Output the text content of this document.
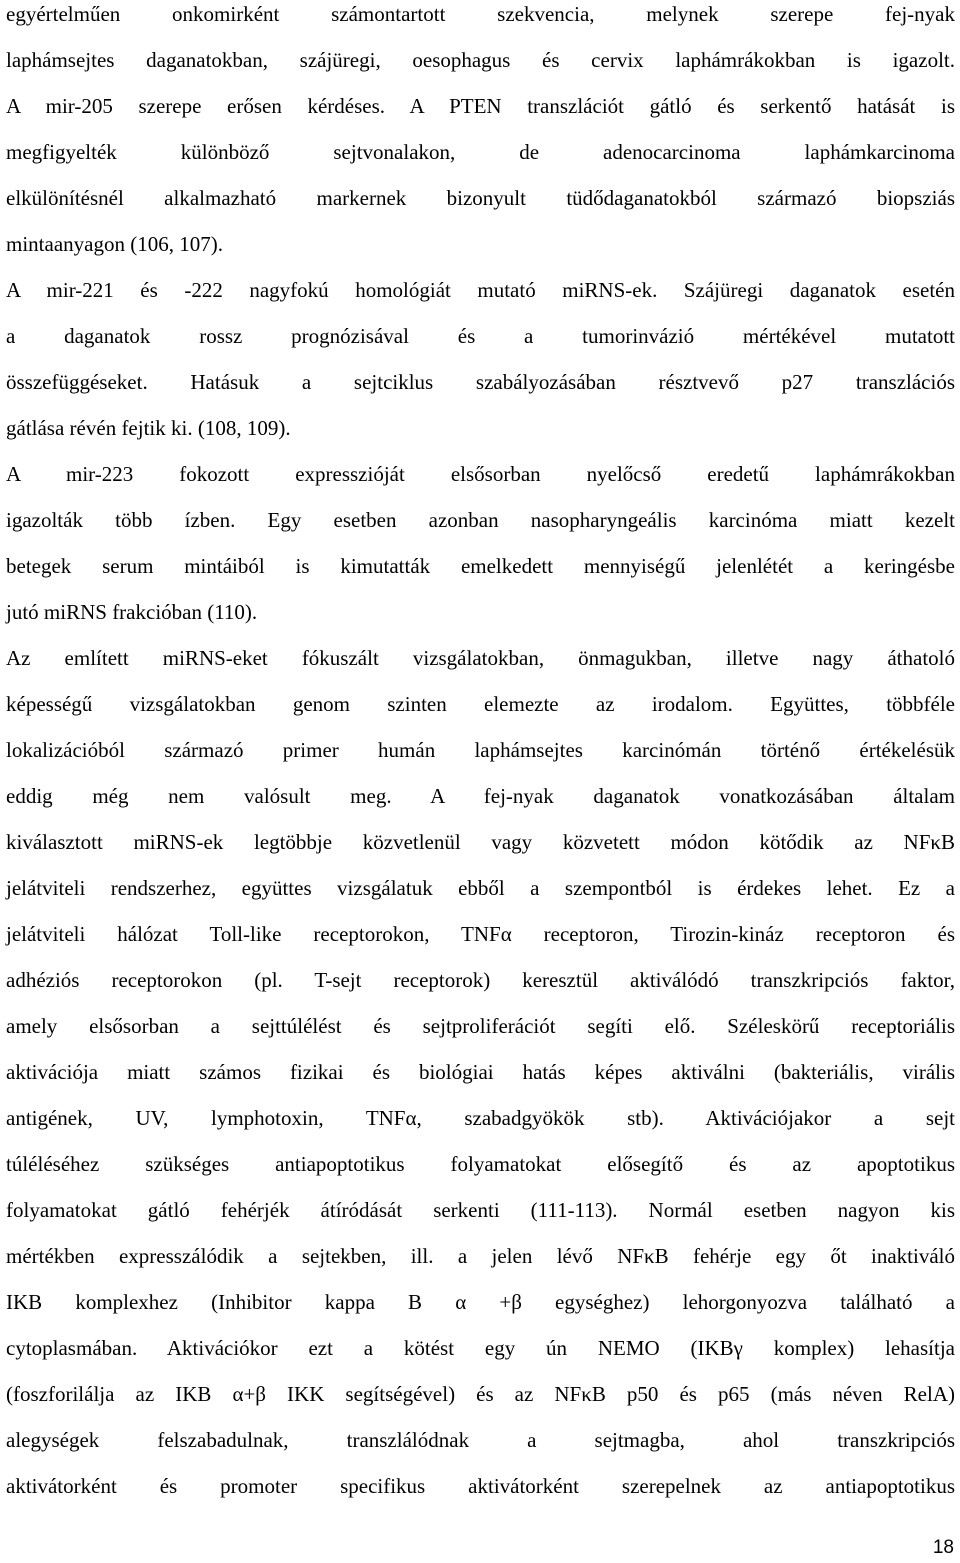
egyértelműen onkomirként számontartott szekvencia, melynek szerepe fej-nyak
laphámsejtes daganatokban, szájüregi, oesophagus és cervix laphámrákokban is igazolt.
A mir-205 szerepe erősen kérdéses. A PTEN transzlációt gátló és serkentő hatását is
megfigyelték különböző sejtvonalakon, de adenocarcinoma laphámkarcinoma
elkülönítésnél alkalmazható markernek bizonyult tüdődaganatokból származó biopsziás
mintaanyagon (106, 107).
A mir-221 és -222 nagyfokú homológiát mutató miRNS-ek. Szájüregi daganatok esetén
a daganatok rossz prognózisával és a tumorinvázió mértékével mutatott
összefüggéseket. Hatásuk a sejtciklus szabályozásában résztvevő p27 transzlációs
gátlása révén fejtik ki. (108, 109).
A mir-223 fokozott expresszióját elsősorban nyelőcső eredetű laphámrákokban
igazolták több ízben. Egy esetben azonban nasopharyngeális karcinóma miatt kezelt
betegek serum mintáiból is kimutatták emelkedett mennyiségű jelenlétét a keringésbe
jutó miRNS frakcióban (110).
Az említett miRNS-eket fókuszált vizsgálatokban, önmagukban, illetve nagy áthatoló
képességű vizsgálatokban genom szinten elemezte az irodalom. Együttes, többféle
lokalizációból származó primer humán laphámsejtes karcinómán történő értékelésük
eddig még nem valósult meg. A fej-nyak daganatok vonatkozásában általam
kiválasztott miRNS-ek legtöbbje közvetlenül vagy közvetett módon kötődik az NFκB
jelátviteli rendszerhez, együttes vizsgálatuk ebből a szempontból is érdekes lehet. Ez a
jelátviteli hálózat Toll-like receptorokon, TNFα receptoron, Tirozin-kináz receptoron és
adhéziós receptorokon (pl. T-sejt receptorok) keresztül aktiválódó transzkripciós faktor,
amely elsősorban a sejttúlélést és sejtproliferációt segíti elő. Széleskörű receptoriális
aktivációja miatt számos fizikai és biológiai hatás képes aktiválni (bakteriális, virális
antigének, UV, lymphotoxin, TNFα, szabadgyökök stb). Aktivációjakor a sejt
túléléséhez szükséges antiapoptotikus folyamatokat elősegítő és az apoptotikus
folyamatokat gátló fehérjék átíródását serkenti (111-113). Normál esetben nagyon kis
mértékben expresszálódik a sejtekben, ill. a jelen lévő NFκB fehérje egy őt inaktiváló
IKB komplexhez (Inhibitor kappa B α +β egységhez) lehorgonyozva található a
cytoplasmában. Aktivációkor ezt a kötést egy ún NEMO (IKBγ komplex) lehasítja
(foszforilálja az IKB α+β IKK segítségével) és az NFκB p50 és p65 (más néven RelA)
alegységek felszabadulnak, transzlálódnak a sejtmagba, ahol transzkripciós
aktivátorként és promoter specifikus aktivátorként szerepelnek az antiapoptotikus
18
